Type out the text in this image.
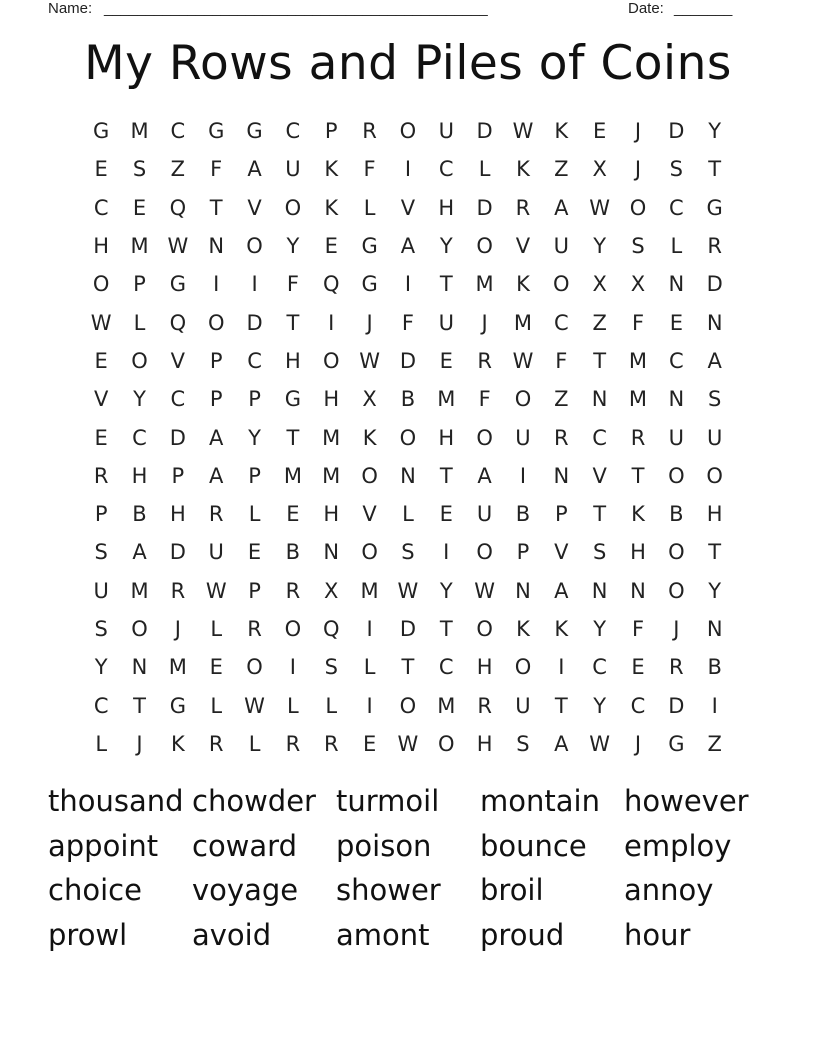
Name: ______________________________________________	Date: _______
My Rows and Piles of Coins
G	M	C	G	G	C	P	R	O	U	D W	K	E	J	D	Y
E	S	Z	F	A	U	K	F	I	C	L	K	Z	X	J	S	T
C	E	Q	T	V	O	K	L	V	H	D	R	A W O	C	G
H	M W N	O	Y	E	G	A	Y	O	V	U	Y	S	L	R
O	P	G	I	I	F	Q	G	I	T	M	K	O	X	X	N	D
W	L	Q	O	D	T	I	J	F	U	J	M	C	Z	F	E	N
E	O	V	P	C	H	O W D	E	R W	F	T	M	C	A
V	Y	C	P	P	G	H	X	B	M	F	O	Z	N	M	N	S
E	C	D	A	Y	T	M	K	O	H	O	U	R	C	R	U	U
R	H	P	A	P	M M	O	N	T	A	I	N	V	T	O	O
P	B	H	R	L	E	H	V	L	E	U	B	P	T	K	B	H
S	A	D	U	E	B	N	O	S	I	O	P	V	S	H	O	T
U	M	R W	P	R	X	M W	Y	W N	A	N	N	O	Y
S	O	J	L	R	O	Q	I	D	T	O	K	K	Y	F	J	N
Y	N	M	E	O	I	S	L	T	C	H	O	I	C	E	R	B
C	T	G	L	W	L	L	I	O	M	R	U	T	Y	C	D	I
L	J	K	R	L	R	R	E	W O	H	S	A W	J	G	Z
thousand chowder turmoil	montain however
appoint	coward	poison	bounce	employ
choice	voyage	shower	broil	annoy
prowl	avoid	amont	proud	hour
